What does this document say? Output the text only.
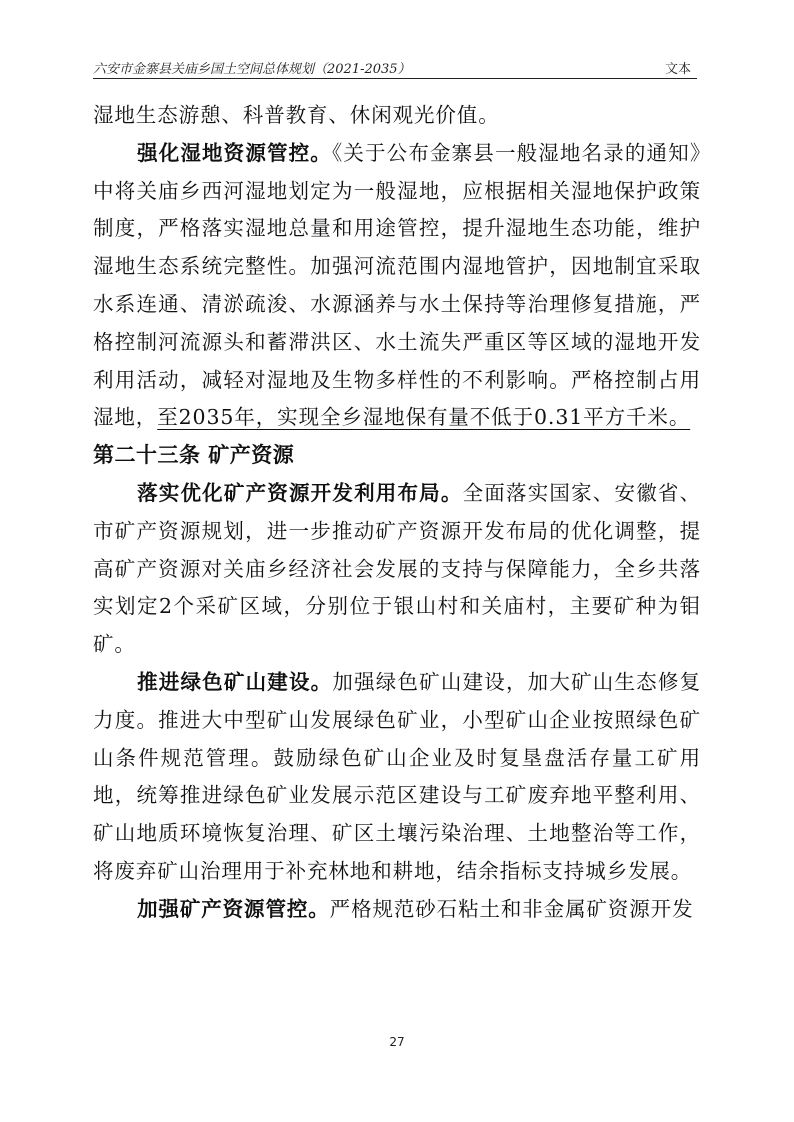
六安市金寨县关庙乡国土空间总体规划（2021-2035）	文本

湿地生态游憩、科普教育、休闲观光价值。

强化湿地资源管控。《关于公布金寨县一般湿地名录的通知》中将关庙乡西河湿地划定为一般湿地，应根据相关湿地保护政策制度，严格落实湿地总量和用途管控，提升湿地生态功能，维护湿地生态系统完整性。加强河流范围内湿地管护，因地制宜采取水系连通、清淤疏浚、水源涵养与水土保持等治理修复措施，严格控制河流源头和蓄滞洪区、水土流失严重区等区域的湿地开发利用活动，减轻对湿地及生物多样性的不利影响。严格控制占用湿地，至2035年，实现全乡湿地保有量不低于0.31平方千米。

第二十三条 矿产资源

落实优化矿产资源开发利用布局。全面落实国家、安徽省、市矿产资源规划，进一步推动矿产资源开发布局的优化调整，提高矿产资源对关庙乡经济社会发展的支持与保障能力，全乡共落实划定2个采矿区域，分别位于银山村和关庙村，主要矿种为钼矿。

推进绿色矿山建设。加强绿色矿山建设，加大矿山生态修复力度。推进大中型矿山发展绿色矿业，小型矿山企业按照绿色矿山条件规范管理。鼓励绿色矿山企业及时复垦盘活存量工矿用地，统筹推进绿色矿业发展示范区建设与工矿废弃地平整利用、矿山地质环境恢复治理、矿区土壤污染治理、土地整治等工作，将废弃矿山治理用于补充林地和耕地，结余指标支持城乡发展。

加强矿产资源管控。严格规范砂石粘土和非金属矿资源开发

27
